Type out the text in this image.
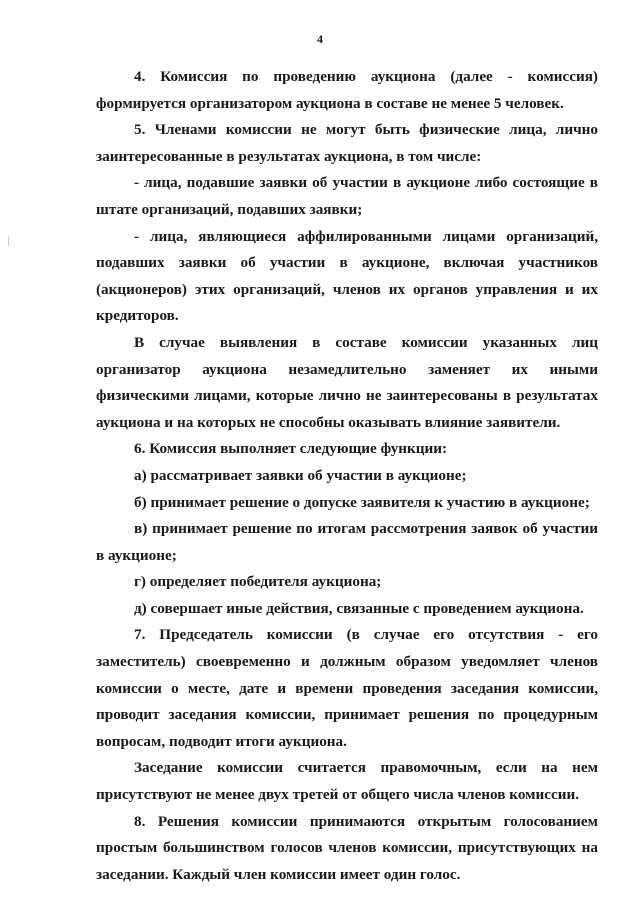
4

4. Комиссия по проведению аукциона (далее - комиссия) формируется организатором аукциона в составе не менее 5 человек.

5. Членами комиссии не могут быть физические лица, лично заинтересованные в результатах аукциона, в том числе:

- лица, подавшие заявки об участии в аукционе либо состоящие в штате организаций, подавших заявки;

- лица, являющиеся аффилированными лицами организаций, подавших заявки об участии в аукционе, включая участников (акционеров) этих организаций, членов их органов управления и их кредиторов.

В случае выявления в составе комиссии указанных лиц организатор аукциона незамедлительно заменяет их иными физическими лицами, которые лично не заинтересованы в результатах аукциона и на которых не способны оказывать влияние заявители.

6. Комиссия выполняет следующие функции:

а) рассматривает заявки об участии в аукционе;

б) принимает решение о допуске заявителя к участию в аукционе;

в) принимает решение по итогам рассмотрения заявок об участии в аукционе;

г) определяет победителя аукциона;

д) совершает иные действия, связанные с проведением аукциона.

7. Председатель комиссии (в случае его отсутствия - его заместитель) своевременно и должным образом уведомляет членов комиссии о месте, дате и времени проведения заседания комиссии, проводит заседания комиссии, принимает решения по процедурным вопросам, подводит итоги аукциона.

Заседание комиссии считается правомочным, если на нем присутствуют не менее двух третей от общего числа членов комиссии.

8. Решения комиссии принимаются открытым голосованием простым большинством голосов членов комиссии, присутствующих на заседании. Каждый член комиссии имеет один голос.
